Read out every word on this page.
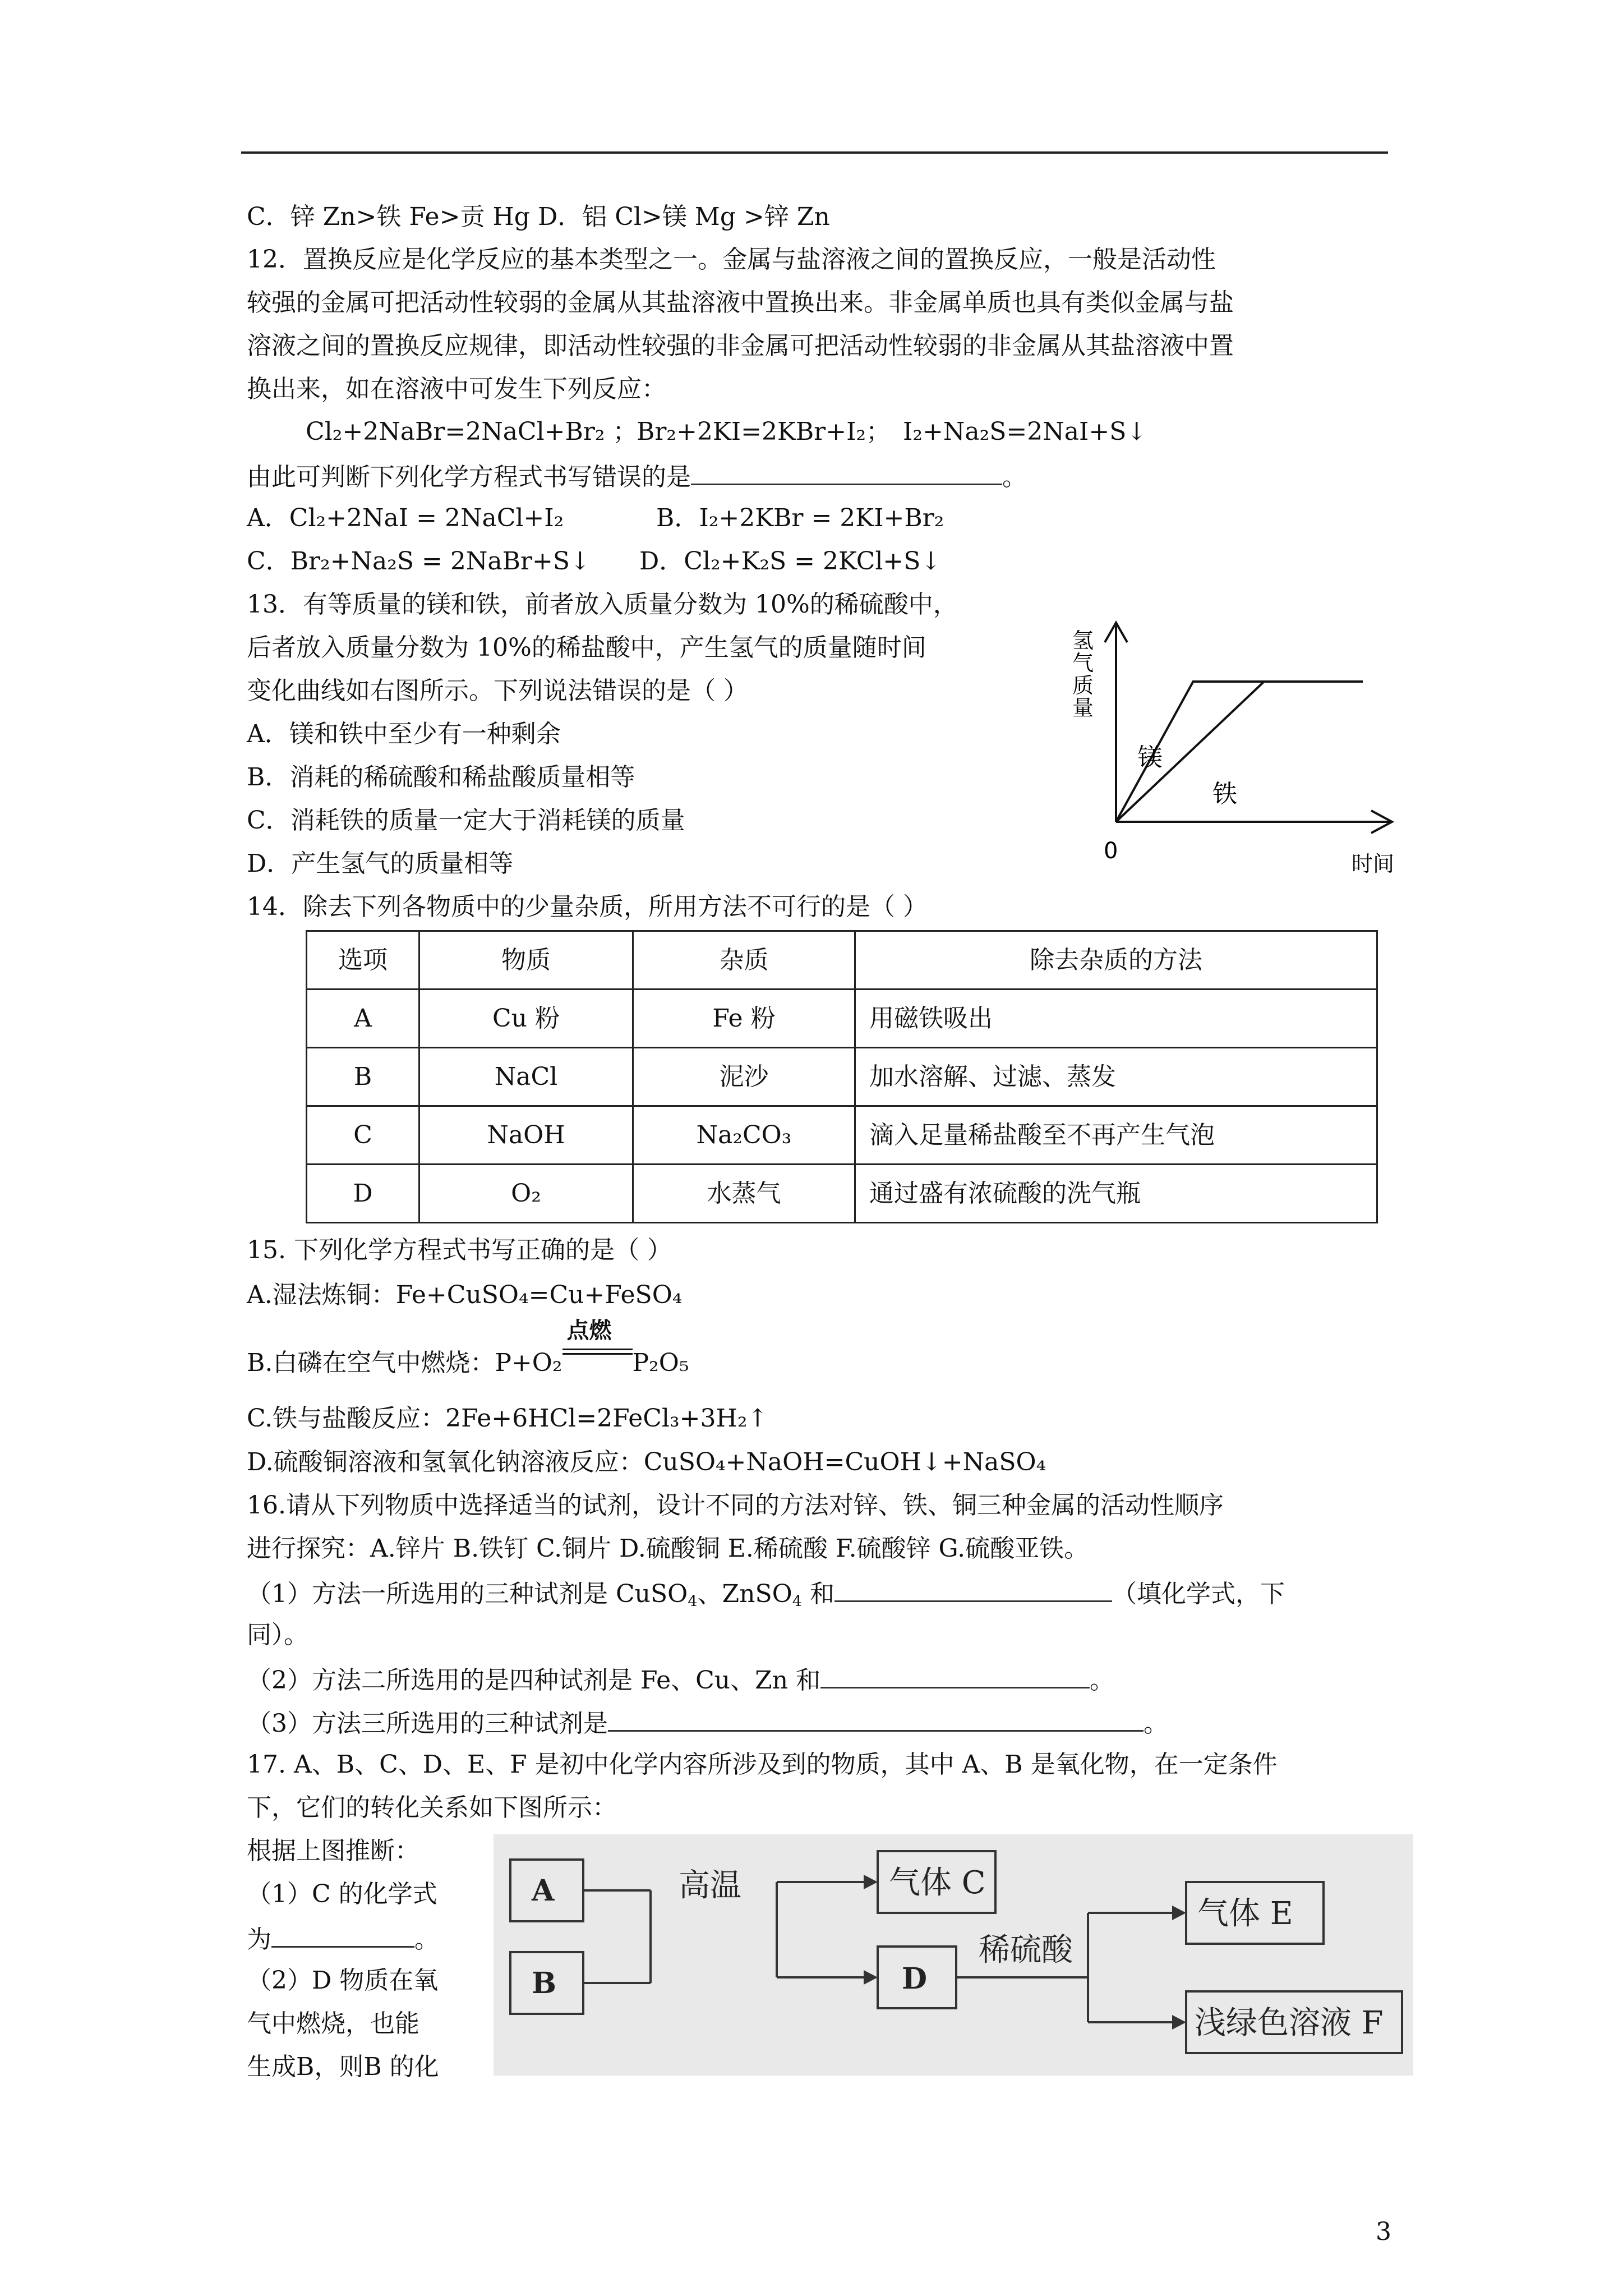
C．锌 Zn>铁 Fe>贡 Hg D．铝 Cl>镁 Mg >锌 Zn
12．置换反应是化学反应的基本类型之一。金属与盐溶液之间的置换反应，一般是活动性
较强的金属可把活动性较弱的金属从其盐溶液中置换出来。非金属单质也具有类似金属与盐
溶液之间的置换反应规律，即活动性较强的非金属可把活动性较弱的非金属从其盐溶液中置
换出来，如在溶液中可发生下列反应：
Cl₂+2NaBr=2NaCl+Br₂ ；
Br₂+2KI=2KBr+I₂； I₂+Na₂S=2NaI+S↓
由此可判断下列化学方程式书写错误的是	。
A．Cl₂+2NaI = 2NaCl+I₂	B．I₂+2KBr = 2KI+Br₂
C．Br₂+Na₂S = 2NaBr+S↓ D．Cl₂+K₂S = 2KCl+S↓
13．有等质量的镁和铁，前者放入质量分数为 10%的稀硫酸中，
后者放入质量分数为 10%的稀盐酸中，产生氢气的质量随时间
变化曲线如右图所示。下列说法错误的是（ ）
A．镁和铁中至少有一种剩余
B．消耗的稀硫酸和稀盐酸质量相等
C．消耗铁的质量一定大于消耗镁的质量
D．产生氢气的质量相等
镁
铁
氢气质量
0	时间
14．除去下列各物质中的少量杂质，所用方法不可行的是（ ）
选项	物质	杂质	除去杂质的方法
A	Cu 粉	Fe 粉	用磁铁吸出
B	NaCl	泥沙	加水溶解、过滤、蒸发
C	NaOH	Na₂CO₃	滴入足量稀盐酸至不再产生气泡
D	O₂	水蒸气	通过盛有浓硫酸的洗气瓶
15. 下列化学方程式书写正确的是（ ）
A.湿法炼铜：Fe+CuSO₄=Cu+FeSO₄
B.白磷在空气中燃烧：P+O₂
点燃
P₂O₅
C.铁与盐酸反应：2Fe+6HCl=2FeCl₃+3H₂↑
D.硫酸铜溶液和氢氧化钠溶液反应：CuSO₄+NaOH=CuOH↓+NaSO₄
16.请从下列物质中选择适当的试剂，设计不同的方法对锌、铁、铜三种金属的活动性顺序
进行探究：A.锌片 B.铁钉 C.铜片 D.硫酸铜 E.稀硫酸 F.硫酸锌 G.硫酸亚铁。
（1）方法一所选用的三种试剂是 CuSO$_4$、ZnSO$_4$ 和	（填化学式，下
同）。
（2）方法二所选用的是四种试剂是 Fe、Cu、Zn 和	。
（3）方法三所选用的三种试剂是	。
17. A、B、C、D、E、F 是初中化学内容所涉及到的物质，其中 A、B 是氧化物，在一定条件
下，它们的转化关系如下图所示：
根据上图推断：
（1）C 的化学式
为	。
（2）D 物质在氧
气中燃烧，也能
生成B，则B 的化
A
B
高温	气体 C
D
稀硫酸
气体 E
浅绿色溶液 F
3
